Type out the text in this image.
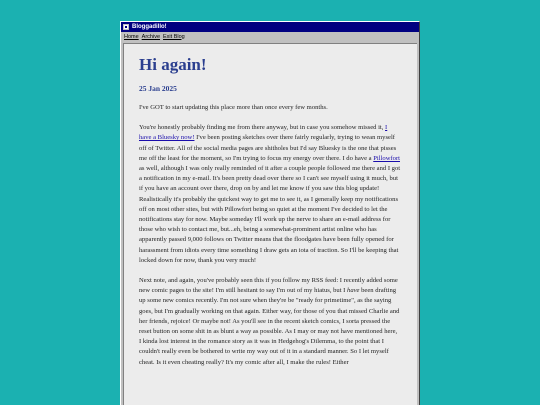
Bloggadillo!
Home Archive Exit Blog
Hi again!
25 Jan 2025

I've GOT to start updating this place more than once every few months.

You're honestly probably finding me from there anyway, but in case you somehow missed it, I have a Bluesky now! I've been posting sketches over there fairly regularly, trying to wean myself off of Twitter. All of the social media pages are shitholes but I'd say Bluesky is the one that pisses me off the least for the moment, so I'm trying to focus my energy over there. I do have a Pillowfort as well, although I was only really reminded of it after a couple people followed me there and I got a notification in my e-mail. It's been pretty dead over there so I can't see myself using it much, but if you have an account over there, drop on by and let me know if you saw this blog update! Realistically it's probably the quickest way to get me to see it, as I generally keep my notifications off on most other sites, but with Pillowfort being so quiet at the moment I've decided to let the notifications stay for now. Maybe someday I'll work up the nerve to share an e-mail address for those who wish to contact me, but...eh, being a somewhat-prominent artist online who has apparently passed 9,000 follows on Twitter means that the floodgates have been fully opened for harassment from idiots every time something I draw gets an iota of traction. So I'll be keeping that locked down for now, thank you very much!

Next note, and again, you've probably seen this if you follow my RSS feed: I recently added some new comic pages to the site! I'm still hesitant to say I'm out of my hiatus, but I have been drafting up some new comics recently. I'm not sure when they're be "ready for primetime", as the saying goes, but I'm gradually working on that again. Either way, for those of you that missed Charlie and her friends, rejoice! Or maybe not! As you'll see in the recent sketch comics, I sorta pressed the reset button on some shit in as blunt a way as possible. As I may or may not have mentioned here, I kinda lost interest in the romance story as it was in Hedgehog's Dilemma, to the point that I couldn't really even be bothered to write my way out of it in a standard manner. So I let myself cheat. Is it even cheating really? It's my comic after all, I make the rules! Either
